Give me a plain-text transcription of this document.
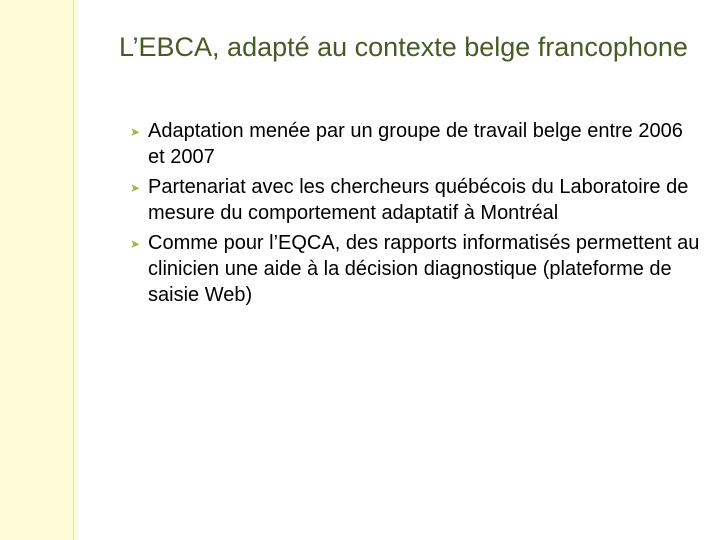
L’EBCA, adapté au contexte belge francophone
➤ Adaptation menée par un groupe de travail belge entre 2006 et 2007
➤ Partenariat avec les chercheurs québécois du Laboratoire de mesure du comportement adaptatif à Montréal
➤ Comme pour l’EQCA, des rapports informatisés permettent au clinicien une aide à la décision diagnostique (plateforme de saisie Web)
